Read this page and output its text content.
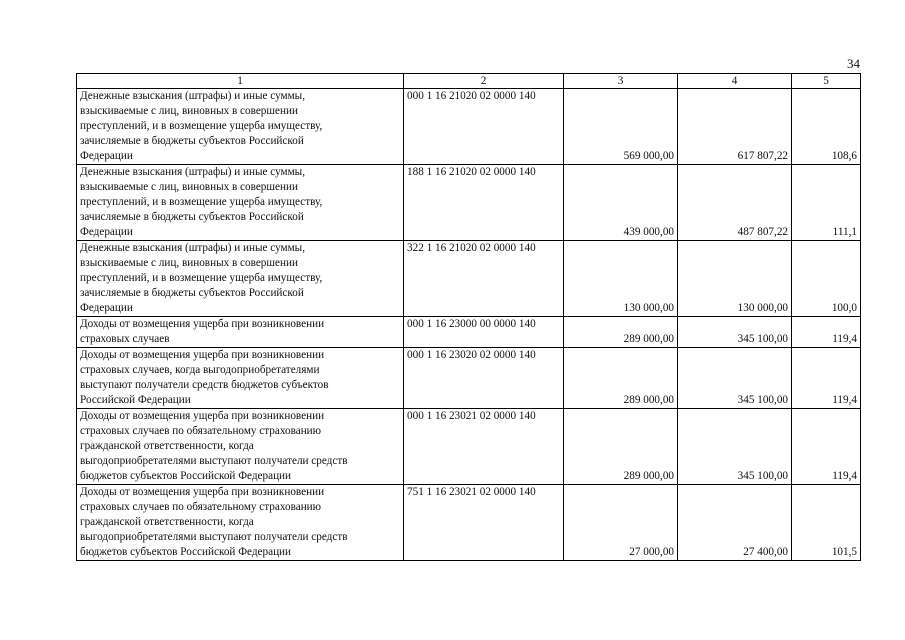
34
1	2	3	4	5

Денежные взыскания (штрафы) и иные суммы,
взыскиваемые с лиц, виновных в совершении
преступлений, и в возмещение ущерба имуществу,
зачисляемые в бюджеты субъектов Российской
Федерации	000 1 16 21020 02 0000 140	569 000,00	617 807,22	108,6

Денежные взыскания (штрафы) и иные суммы,
взыскиваемые с лиц, виновных в совершении
преступлений, и в возмещение ущерба имуществу,
зачисляемые в бюджеты субъектов Российской
Федерации	188 1 16 21020 02 0000 140	439 000,00	487 807,22	111,1

Денежные взыскания (штрафы) и иные суммы,
взыскиваемые с лиц, виновных в совершении
преступлений, и в возмещение ущерба имуществу,
зачисляемые в бюджеты субъектов Российской
Федерации	322 1 16 21020 02 0000 140	130 000,00	130 000,00	100,0

Доходы от возмещения ущерба при возникновении
страховых случаев	000 1 16 23000 00 0000 140	289 000,00	345 100,00	119,4

Доходы от возмещения ущерба при возникновении
страховых случаев, когда выгодоприобретателями
выступают получатели средств бюджетов субъектов
Российской Федерации	000 1 16 23020 02 0000 140	289 000,00	345 100,00	119,4

Доходы от возмещения ущерба при возникновении
страховых случаев по обязательному страхованию
гражданской ответственности, когда
выгодоприобретателями выступают получатели средств
бюджетов субъектов Российской Федерации	000 1 16 23021 02 0000 140	289 000,00	345 100,00	119,4

Доходы от возмещения ущерба при возникновении
страховых случаев по обязательному страхованию
гражданской ответственности, когда
выгодоприобретателями выступают получатели средств
бюджетов субъектов Российской Федерации	751 1 16 23021 02 0000 140	27 000,00	27 400,00	101,5
